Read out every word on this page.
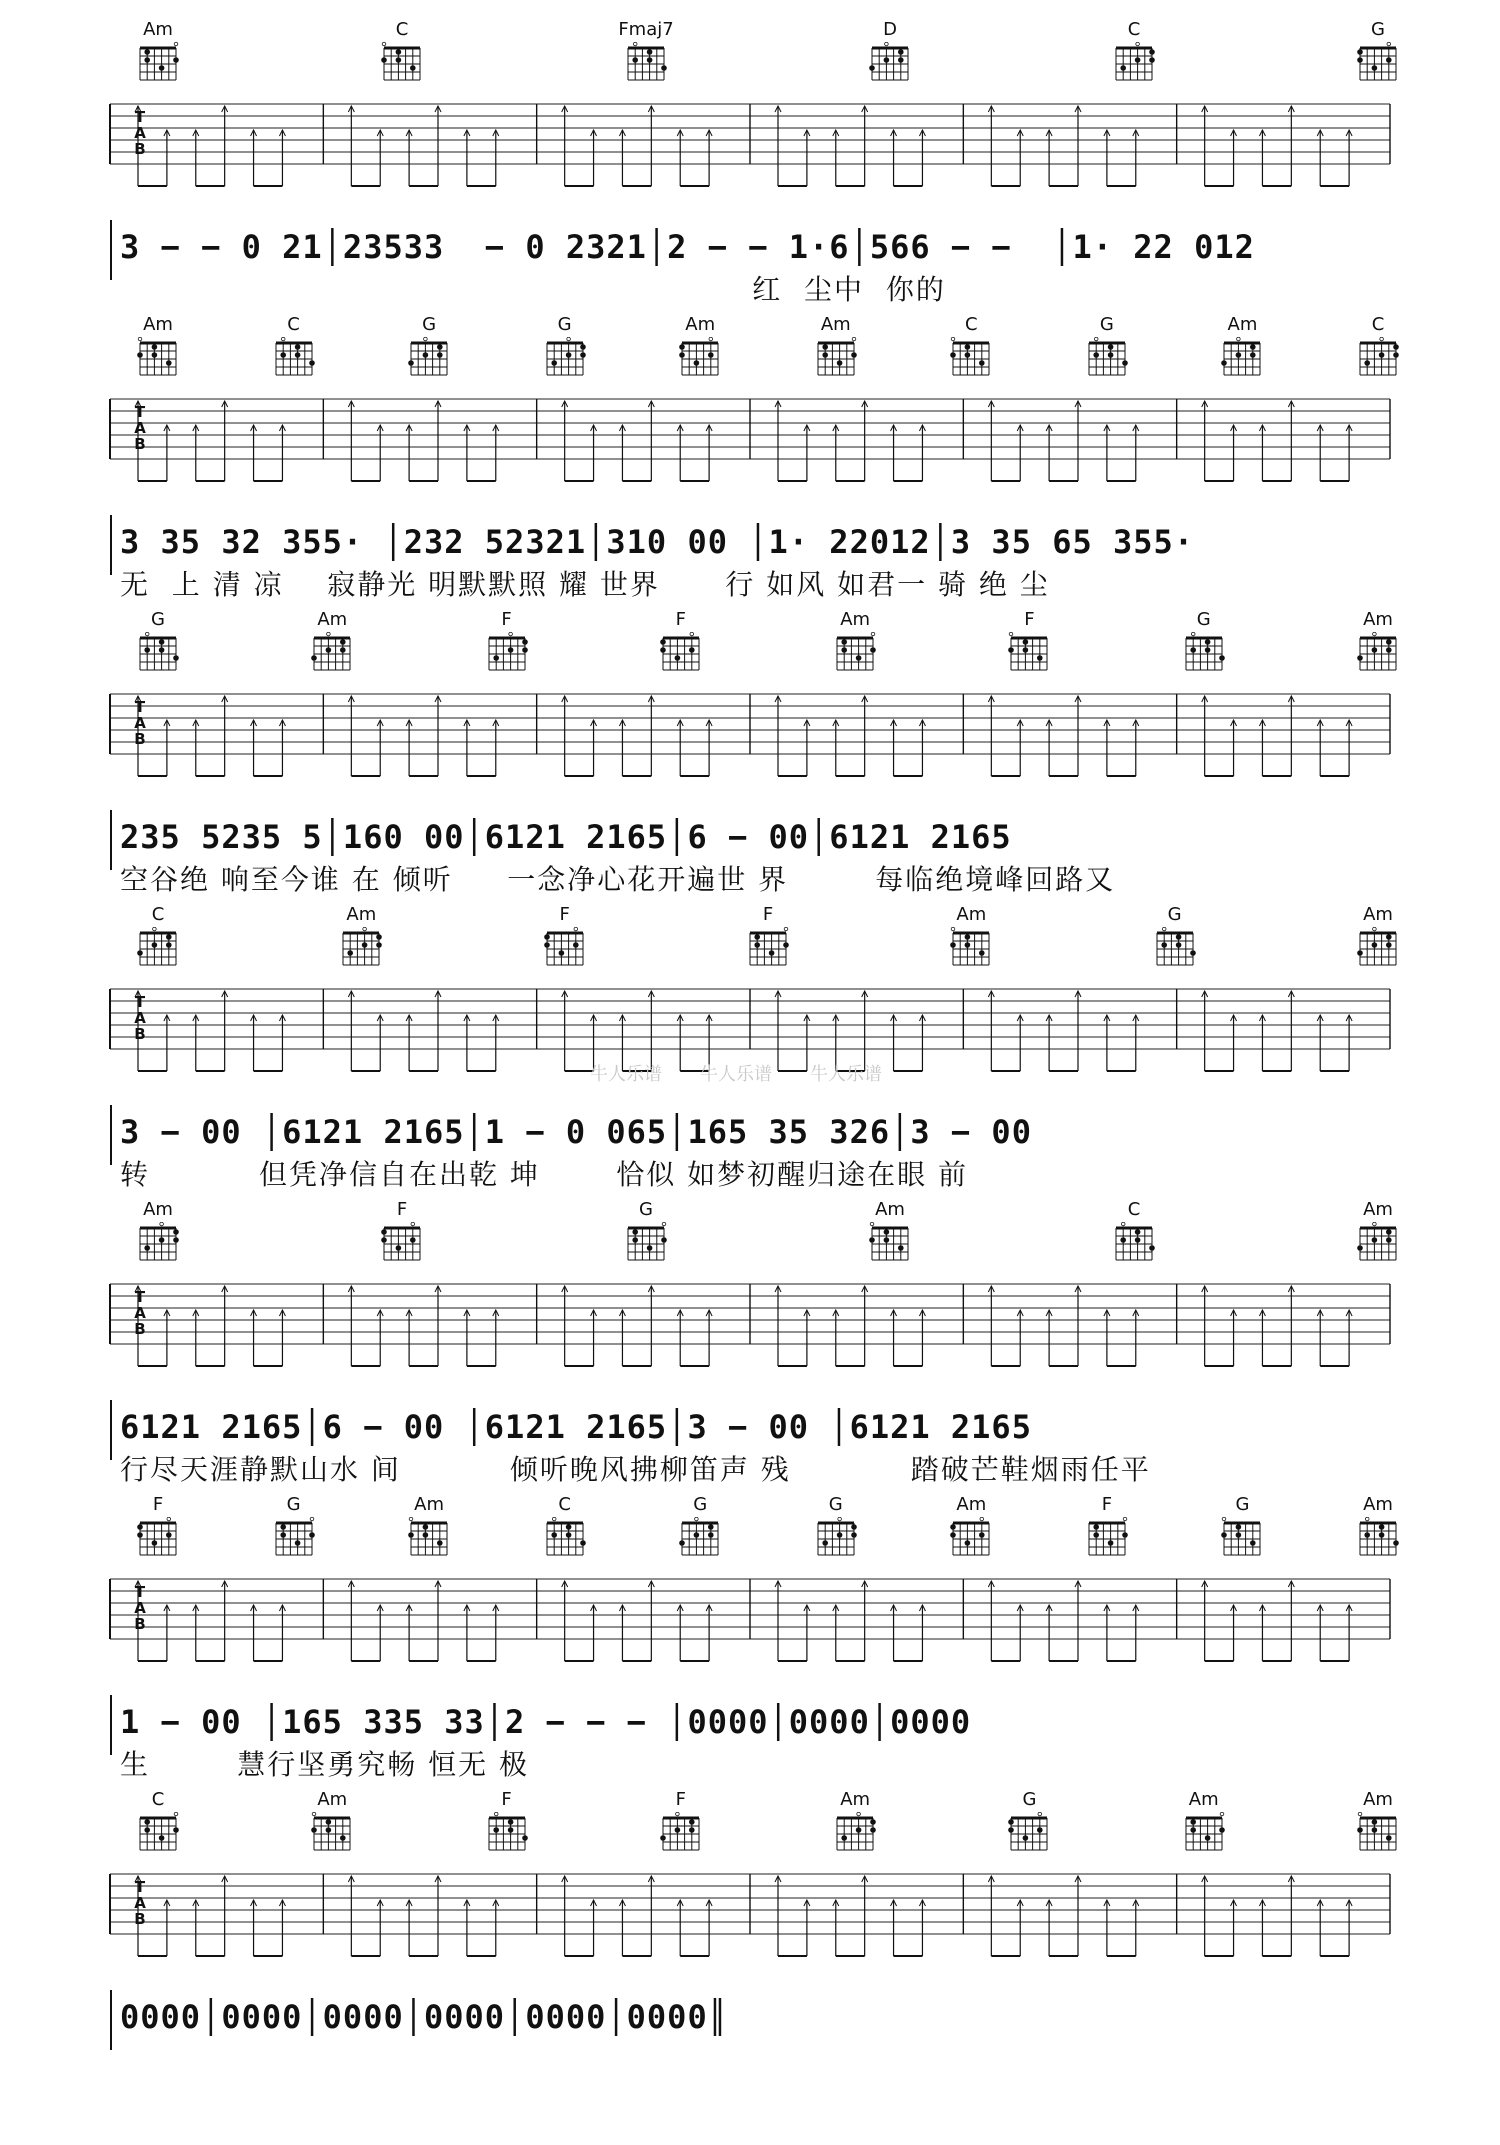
Am	C	Fmaj7	D	C	G
T
A
B
3 − − 0 21│23533  − 0 2321│2 − − 1·6│566 − −  │1· 22 012
红  尘中  你的
Am	C	G	G	Am	Am	C	G	Am	C
T
A
B
3 35 32 355· │232 52321│310 00 │1· 22012│3 35 65 355·
无  上 清 凉    寂静光 明默默照 耀 世界      行 如风 如君一 骑 绝 尘
G	Am	F	F	Am	F	G	Am
T
A
B
235 5235 5│160 00│6121 2165│6 − 00│6121 2165
空谷绝 响至今谁 在 倾听     一念净心花开遍世 界        每临绝境峰回路又
C	Am	F	F	Am	G	Am
T
A
B
3 − 00 │6121 2165│1 − 0 065│165 35 326│3 − 00
转          但凭净信自在出乾 坤       恰似 如梦初醒归途在眼 前
牛人乐谱 牛人乐谱 牛人乐谱
Am	F	G	Am	C	Am
T
A
B
6121 2165│6 − 00 │6121 2165│3 − 00 │6121 2165
行尽天涯静默山水 间          倾听晚风拂柳笛声 残           踏破芒鞋烟雨任平
F	G	Am	C	G	G	Am	F	G	Am
T
A
B
1 − 00 │165 335 33│2 − − − │0000│0000│0000
生        慧行坚勇究畅 恒无 极
C	Am	F	F	Am	G	Am	Am
T
A
B
0000│0000│0000│0000│0000│0000║
